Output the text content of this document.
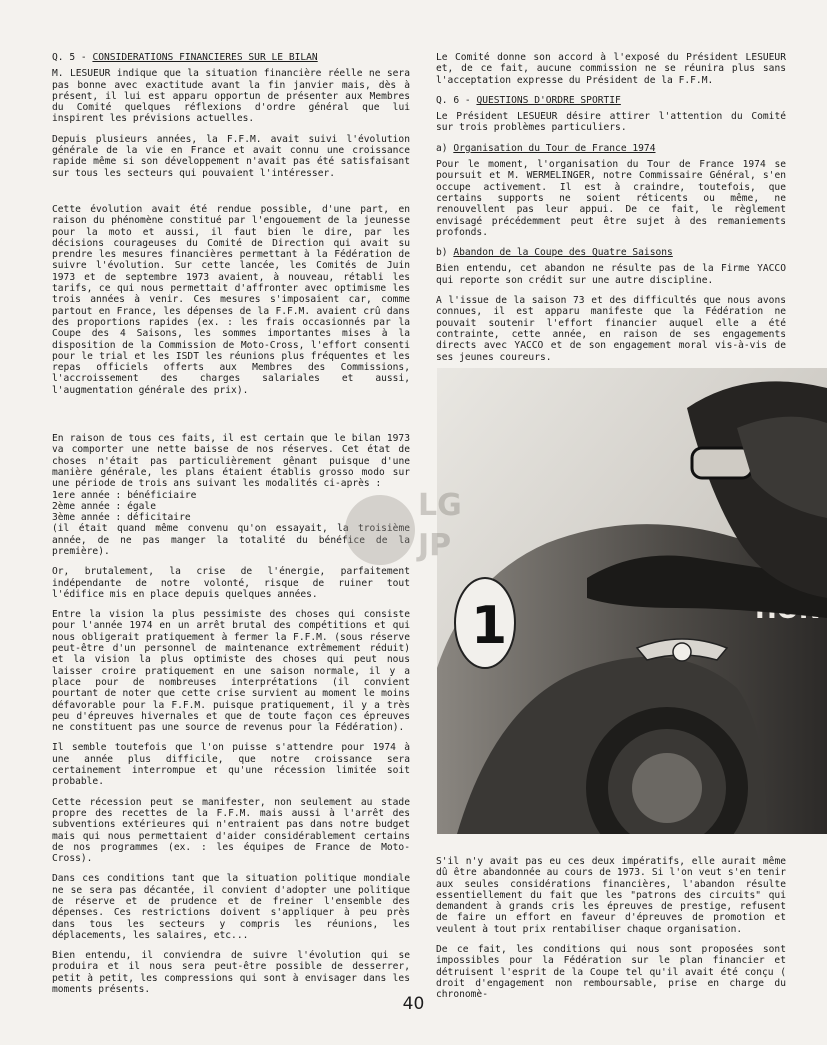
Q. 5 - CONSIDERATIONS FINANCIERES SUR LE BILAN

M. LESUEUR indique que la situation financière réelle ne sera pas bonne avec exactitude avant la fin janvier mais, dès à présent, il lui est apparu opportun de présenter aux Membres du Comité quelques réflexions d'ordre général que lui inspirent les prévisions actuelles.

Depuis plusieurs années, la F.F.M. avait suivi l'évolution générale de la vie en France et avait connu une croissance rapide même si son développement n'avait pas été satisfaisant sur tous les secteurs qui pouvaient l'intéresser.

Cette évolution avait été rendue possible, d'une part, en raison du phénomène constitué par l'engouement de la jeunesse pour la moto et aussi, il faut bien le dire, par les décisions courageuses du Comité de Direction qui avait su prendre les mesures financières permettant à la Fédération de suivre l'évolution. Sur cette lancée, les Comités de Juin 1973 et de septembre 1973 avaient, à nouveau, rétabli les tarifs, ce qui nous permettait d'affronter avec optimisme les trois années à venir. Ces mesures s'imposaient car, comme partout en France, les dépenses de la F.F.M. avaient crû dans des proportions rapides (ex. : les frais occasionnés par la Coupe des 4 Saisons, les sommes importantes mises à la disposition de la Commission de Moto-Cross, l'effort consenti pour le trial et les ISDT les réunions plus fréquentes et les repas officiels offerts aux Membres des Commissions, l'accroissement des charges salariales et aussi, l'augmentation générale des prix).

En raison de tous ces faits, il est certain que le bilan 1973 va comporter une nette baisse de nos réserves. Cet état de choses n'était pas particulièrement gênant puisque d'une manière générale, les plans étaient établis grosso modo sur une période de trois ans suivant les modalités ci-après :

1ere année : bénéficiaire
2ème année : égale
3ème année : déficitaire

(il était quand même convenu qu'on essayait, la troisième année, de ne pas manger la totalité du bénéfice de la première).

Or, brutalement, la crise de l'énergie, parfaitement indépendante de notre volonté, risque de ruiner tout l'édifice mis en place depuis quelques années.

Entre la vision la plus pessimiste des choses qui consiste pour l'année 1974 en un arrêt brutal des compétitions et qui nous obligerait pratiquement à fermer la F.F.M. (sous réserve peut-être d'un personnel de maintenance extrêmement réduit) et la vision la plus optimiste des choses qui peut nous laisser croire pratiquement en une saison normale, il y a place pour de nombreuses interprétations (il convient pourtant de noter que cette crise survient au moment le moins défavorable pour la F.F.M. puisque pratiquement, il y a très peu d'épreuves hivernales et que de toute façon ces épreuves ne constituent pas une source de revenus pour la Fédération).

Il semble toutefois que l'on puisse s'attendre pour 1974 à une année plus difficile, que notre croissance sera certainement interrompue et qu'une récession limitée soit probable.

Cette récession peut se manifester, non seulement au stade propre des recettes de la F.F.M. mais aussi à l'arrêt des subventions extérieures qui n'entraient pas dans notre budget mais qui nous permettaient d'aider considérablement certains de nos programmes (ex. : les équipes de France de Moto-Cross).

Dans ces conditions tant que la situation politique mondiale ne se sera pas décantée, il convient d'adopter une politique de réserve et de prudence et de freiner l'ensemble des dépenses. Ces restrictions doivent s'appliquer à peu près dans tous les secteurs y compris les réunions, les déplacements, les salaires, etc...

Bien entendu, il conviendra de suivre l'évolution qui se produira et il nous sera peut-être possible de desserrer, petit à petit, les compressions qui sont à envisager dans les moments présents.

Le Comité donne son accord à l'exposé du Président LESUEUR et, de ce fait, aucune commission ne se réunira plus sans l'acceptation expresse du Président de la F.F.M.

Q. 6 - QUESTIONS D'ORDRE SPORTIF

Le Président LESUEUR désire attirer l'attention du Comité sur trois problèmes particuliers.

a) Organisation du Tour de France 1974

Pour le moment, l'organisation du Tour de France 1974 se poursuit et M. WERMELINGER, notre Commissaire Général, s'en occupe activement. Il est à craindre, toutefois, que certains supports ne soient réticents ou même, ne renouvellent pas leur appui. De ce fait, le règlement envisagé précédemment peut être sujet à des remaniements profonds.

b) Abandon de la Coupe des Quatre Saisons

Bien entendu, cet abandon ne résulte pas de la Firme YACCO qui reporte son crédit sur une autre discipline.

A l'issue de la saison 73 et des difficultés que nous avons connues, il est apparu manifeste que la Fédération ne pouvait soutenir l'effort financier auquel elle a été contrainte, cette année, en raison de ses engagements directs avec YACCO et de son engagement moral vis-à-vis de ses jeunes coureurs.

1
LG
JP

S'il n'y avait pas eu ces deux impératifs, elle aurait même dû être abandonnée au cours de 1973. Si l'on veut s'en tenir aux seules considérations financières, l'abandon résulte essentiellement du fait que les "patrons des circuits" qui demandent à grands cris les épreuves de prestige, refusent de faire un effort en faveur d'épreuves de promotion et veulent à tout prix rentabiliser chaque organisation.

De ce fait, les conditions qui nous sont proposées sont impossibles pour la Fédération sur le plan financier et détruisent l'esprit de la Coupe tel qu'il avait été conçu ( droit d'engagement non remboursable, prise en charge du chronomè-

40
